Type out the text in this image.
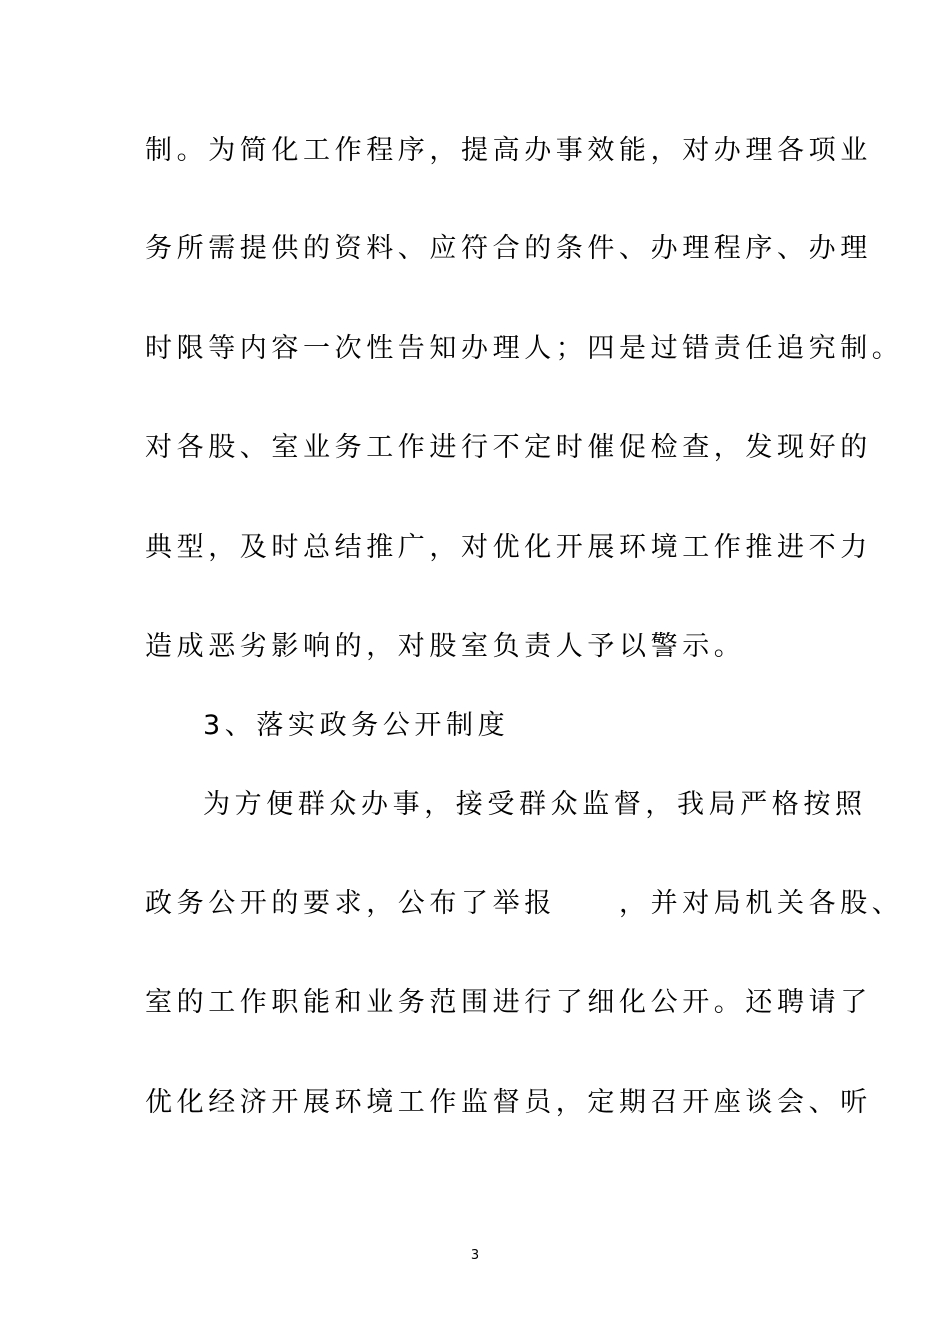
制。为简化工作程序，提高办事效能，对办理各项业
务所需提供的资料、应符合的条件、办理程序、办理
时限等内容一次性告知办理人；四是过错责任追究制。
对各股、室业务工作进行不定时催促检查，发现好的
典型，及时总结推广，对优化开展环境工作推进不力
造成恶劣影响的，对股室负责人予以警示。
3、落实政务公开制度
为方便群众办事，接受群众监督，我局严格按照
政务公开的要求，公布了举报　　，并对局机关各股、
室的工作职能和业务范围进行了细化公开。还聘请了
优化经济开展环境工作监督员，定期召开座谈会、听
3
